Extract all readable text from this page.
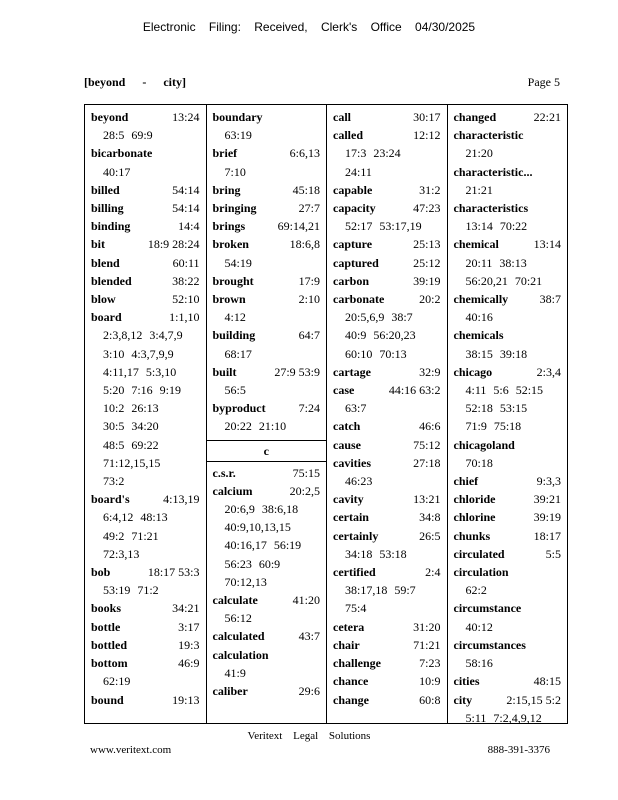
Electronic Filing: Received, Clerk's Office 04/30/2025
[beyond - city]	Page 5
beyond	13:24
28:5 69:9
bicarbonate
40:17
billed	54:14
billing	54:14
binding	14:4
bit	18:9 28:24
blend	60:11
blended	38:22
blow	52:10
board	1:1,10
2:3,8,12 3:4,7,9
3:10 4:3,7,9,9
4:11,17 5:3,10
5:20 7:16 9:19
10:2 26:13
30:5 34:20
48:5 69:22
71:12,15,15
73:2
board's	4:13,19
6:4,12 48:13
49:2 71:21
72:3,13
bob	18:17 53:3
53:19 71:2
books	34:21
bottle	3:17
bottled	19:3
bottom	46:9
62:19
bound	19:13
boundary
63:19
brief	6:6,13
7:10
bring	45:18
bringing	27:7
brings	69:14,21
broken	18:6,8
54:19
brought	17:9
brown	2:10
4:12
building	64:7
68:17
built	27:9 53:9
56:5
byproduct	7:24
20:22 21:10
c
c.s.r.	75:15
calcium	20:2,5
20:6,9 38:6,18
40:9,10,13,15
40:16,17 56:19
56:23 60:9
70:12,13
calculate	41:20
56:12
calculated	43:7
calculation
41:9
caliber	29:6
call	30:17
called	12:12
17:3 23:24
24:11
capable	31:2
capacity	47:23
52:17 53:17,19
capture	25:13
captured	25:12
carbon	39:19
carbonate	20:2
20:5,6,9 38:7
40:9 56:20,23
60:10 70:13
cartage	32:9
case	44:16 63:2
63:7
catch	46:6
cause	75:12
cavities	27:18
46:23
cavity	13:21
certain	34:8
certainly	26:5
34:18 53:18
certified	2:4
38:17,18 59:7
75:4
cetera	31:20
chair	71:21
challenge	7:23
chance	10:9
change	60:8
changed	22:21
characteristic
21:20
characteristic...
21:21
characteristics
13:14 70:22
chemical	13:14
20:11 38:13
56:20,21 70:21
chemically	38:7
40:16
chemicals
38:15 39:18
chicago	2:3,4
4:11 5:6 52:15
52:18 53:15
71:9 75:18
chicagoland
70:18
chief	9:3,3
chloride	39:21
chlorine	39:19
chunks	18:17
circulated	5:5
circulation
62:2
circumstance
40:12
circumstances
58:16
cities	48:15
city	2:15,15 5:2
5:11 7:2,4,9,12
Veritext Legal Solutions
www.veritext.com	888-391-3376
